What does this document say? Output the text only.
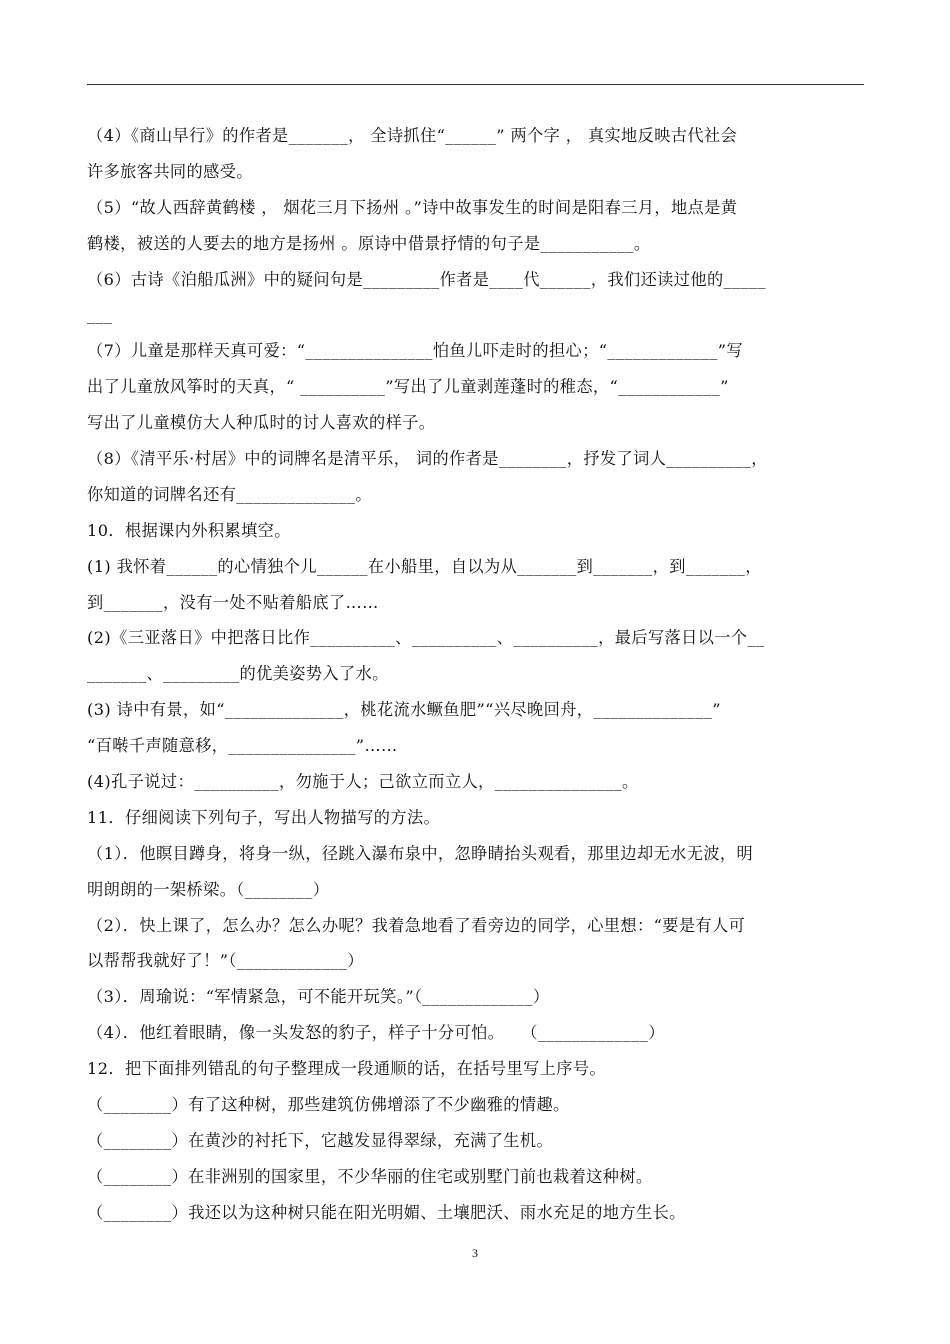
（4）《商山早行》的作者是_______， 全诗抓住“______” 两个字 ， 真实地反映古代社会
许多旅客共同的感受。
（5）“故人西辞黄鹤楼 ， 烟花三月下扬州 。”诗中故事发生的时间是阳春三月，地点是黄
鹤楼，被送的人要去的地方是扬州 。原诗中借景抒情的句子是___________。
（6）古诗《泊船瓜洲》中的疑问句是_________作者是____代______，我们还读过他的_____
___
（7）儿童是那样天真可爱：“_______________怕鱼儿吓走时的担心；“_____________”写
出了儿童放风筝时的天真，“ __________”写出了儿童剥莲蓬时的稚态，“____________”
写出了儿童模仿大人种瓜时的讨人喜欢的样子。
（8）《清平乐·村居》中的词牌名是清平乐， 词的作者是________，抒发了词人__________，
你知道的词牌名还有______________。
10．根据课内外积累填空。
(1) 我怀着______的心情独个儿______在小船里，自以为从_______到_______，到_______，
到_______，没有一处不贴着船底了……
(2)《三亚落日》中把落日比作__________、__________、__________，最后写落日以一个__
_______、_________的优美姿势入了水。
(3) 诗中有景，如“______________，桃花流水鳜鱼肥”“兴尽晚回舟，______________”
“百啭千声随意移，_______________”……
(4)孔子说过：__________，勿施于人；己欲立而立人，_______________。
11．仔细阅读下列句子，写出人物描写的方法。
（1）．他瞑目蹲身，将身一纵，径跳入瀑布泉中，忽睁睛抬头观看，那里边却无水无波，明
明朗朗的一架桥梁。（________）
（2）．快上课了，怎么办？怎么办呢？我着急地看了看旁边的同学，心里想：“要是有人可
以帮帮我就好了！”（_____________）
（3）．周瑜说：“军情紧急，可不能开玩笑。”（_____________）
（4）．他红着眼睛，像一头发怒的豹子，样子十分可怕。　　（_____________）
12．把下面排列错乱的句子整理成一段通顺的话，在括号里写上序号。
（________）有了这种树，那些建筑仿佛增添了不少幽雅的情趣。
（________）在黄沙的衬托下，它越发显得翠绿，充满了生机。
（________）在非洲别的国家里，不少华丽的住宅或别墅门前也栽着这种树。
（________）我还以为这种树只能在阳光明媚、土壤肥沃、雨水充足的地方生长。
3
